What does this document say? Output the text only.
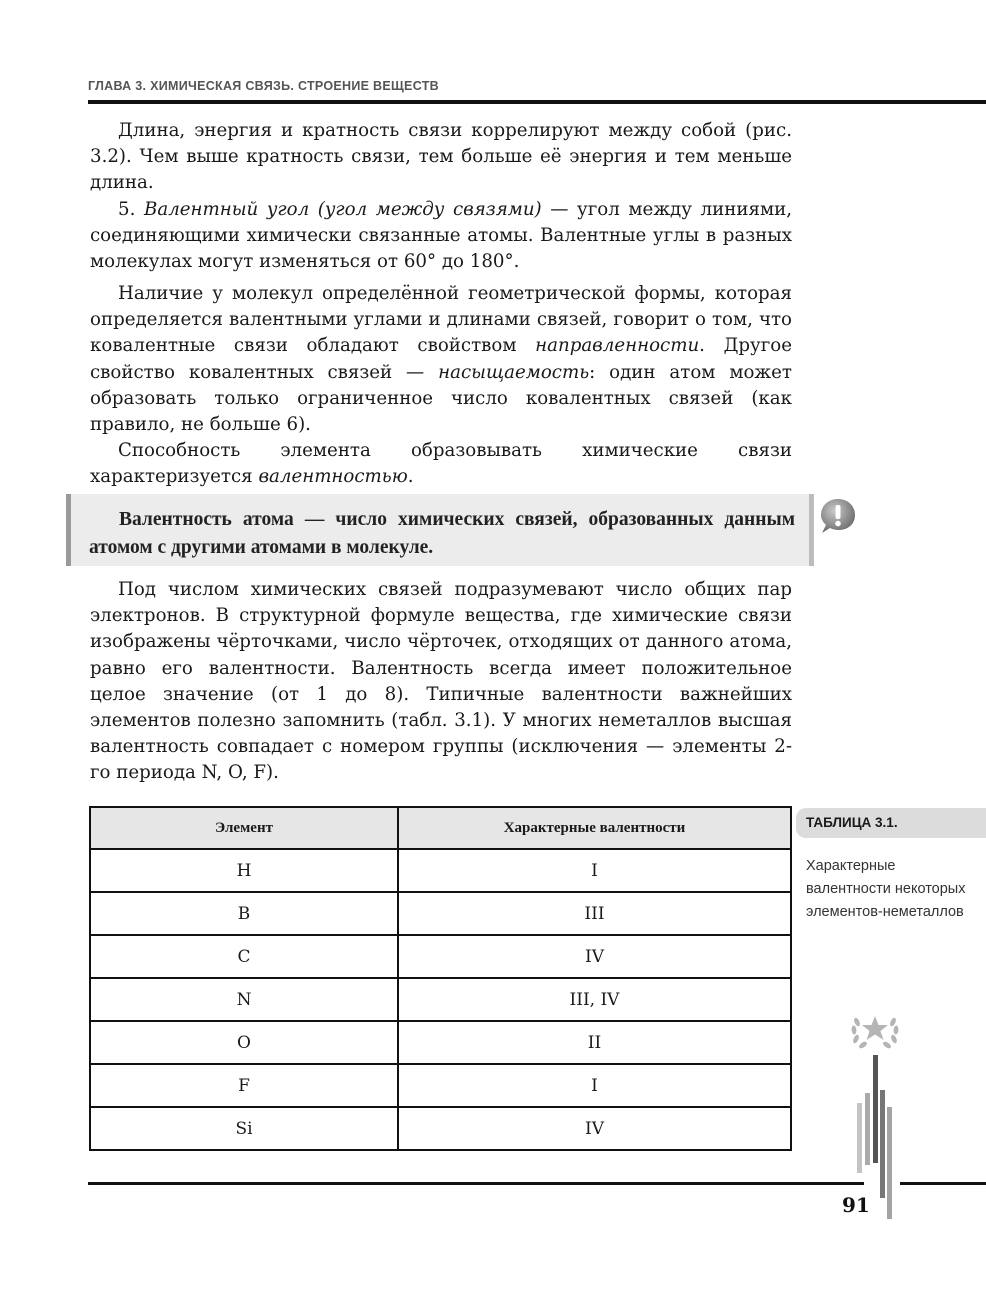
ГЛАВА 3. ХИМИЧЕСКАЯ СВЯЗЬ. СТРОЕНИЕ ВЕЩЕСТВ

Длина, энергия и кратность связи коррелируют между собой (рис. 3.2). Чем выше кратность связи, тем больше её энергия и тем меньше длина.

5. Валентный угол (угол между связями) — угол между линиями, соединяющими химически связанные атомы. Валентные углы в разных молекулах могут изменяться от 60° до 180°.

Наличие у молекул определённой геометрической формы, которая определяется валентными углами и длинами связей, говорит о том, что ковалентные связи обладают свойством направленности. Другое свойство ковалентных связей — насыщаемость: один атом может образовать только ограниченное число ковалентных связей (как правило, не больше 6).

Способность элемента образовывать химические связи характеризуется валентностью.

Валентность атома — число химических связей, образованных данным атомом с другими атомами в молекуле.

Под числом химических связей подразумевают число общих пар электронов. В структурной формуле вещества, где химические связи изображены чёрточками, число чёрточек, отходящих от данного атома, равно его валентности. Валентность всегда имеет положительное целое значение (от 1 до 8). Типичные валентности важнейших элементов полезно запомнить (табл. 3.1). У многих неметаллов высшая валентность совпадает с номером группы (исключения — элементы 2-го периода N, O, F).

Элемент	Характерные валентности
H	I
B	III
C	IV
N	III, IV
O	II
F	I
Si	IV
ТАБЛИЦА 3.1.
Характерные валентности некоторых элементов-неметаллов
91
